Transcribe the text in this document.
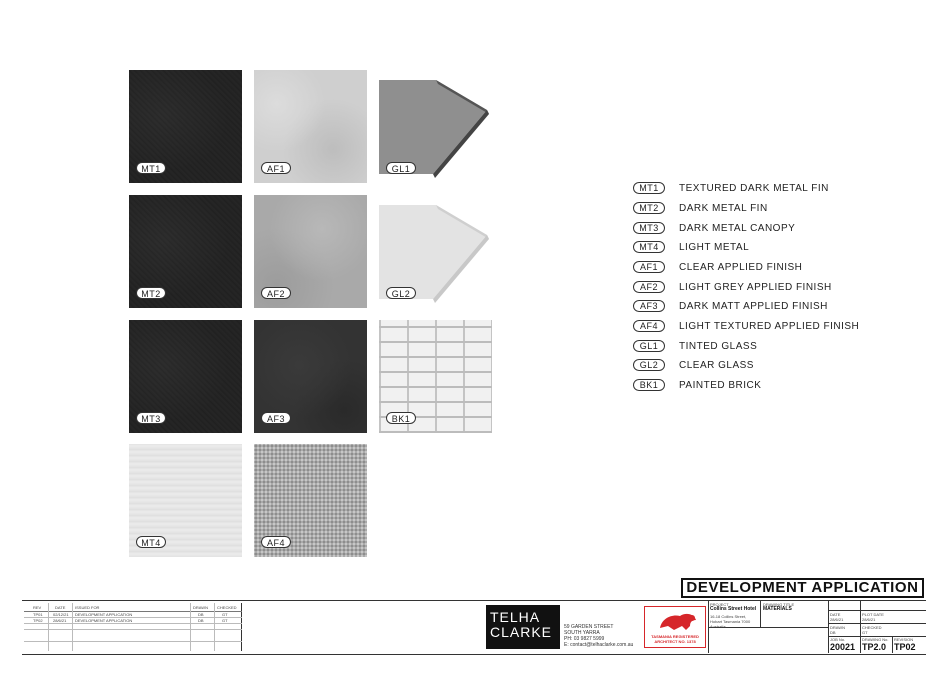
MT1	AF1	GL1
MT2	AF2	GL2
MT3	AF3	BK1
MT4	AF4
MT1	TEXTURED DARK METAL FIN
MT2	DARK METAL FIN
MT3	DARK METAL CANOPY
MT4	LIGHT METAL
AF1	CLEAR APPLIED FINISH
AF2	LIGHT GREY APPLIED FINISH
AF3	DARK MATT APPLIED FINISH
AF4	LIGHT TEXTURED APPLIED FINISH
GL1	TINTED GLASS
GL2	CLEAR GLASS
BK1	PAINTED BRICK
DEVELOPMENT APPLICATION
REV	DATE ISSUED FOR	DRAWN CHECKED
TP01	02/12/21 DEVELOPMENT APPLICATION	DB	GT
TP02	28/6/21 DEVELOPMENT APPLICATION	DB	GT	TELHA
CLARKE	59 GARDEN STREET
SOUTH YARRA
PH: 03 9827 5999
E: contact@telhaclarke.com.au
TASMANIA REGISTERED
ARCHITECT NO. 1378
PROJECT
Collins Street Hotel
16-18 Collins Street, Hobart Tasmania 7000 Australia
DRAWING TITLE
MATERIALS
DATE
28/6/21
PLOT DATE
28/6/21
DRAWN
DB
CHECKED
GT
JOB No.
20021
DRAWING No.
TP2.0
REVISION
TP02
